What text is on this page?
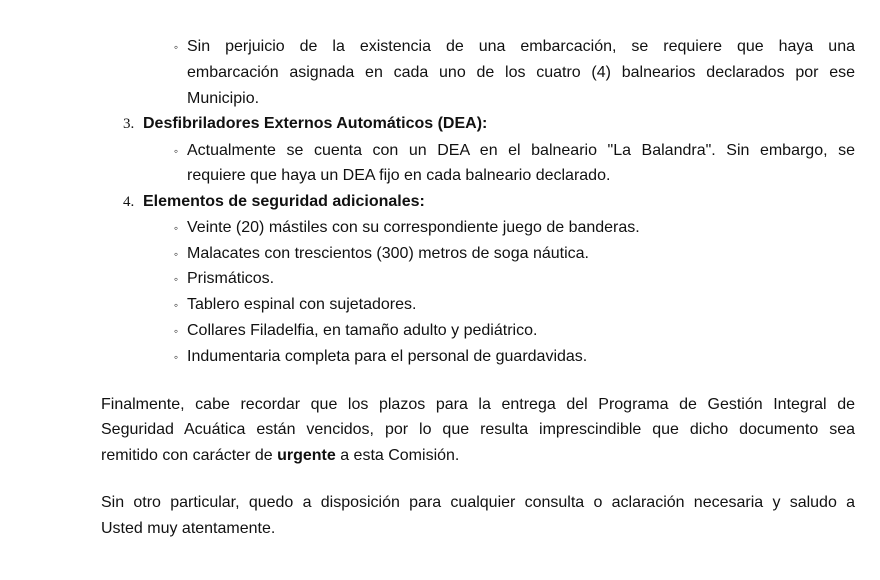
◦ Sin perjuicio de la existencia de una embarcación, se requiere que haya una
embarcación asignada en cada uno de los cuatro (4) balnearios declarados por ese
Municipio.
3. Desfibriladores Externos Automáticos (DEA):
◦ Actualmente se cuenta con un DEA en el balneario "La Balandra". Sin embargo, se
requiere que haya un DEA fijo en cada balneario declarado.
4. Elementos de seguridad adicionales:
◦ Veinte (20) mástiles con su correspondiente juego de banderas.
◦ Malacates con trescientos (300) metros de soga náutica.
◦ Prismáticos.
◦ Tablero espinal con sujetadores.
◦ Collares Filadelfia, en tamaño adulto y pediátrico.
◦ Indumentaria completa para el personal de guardavidas.
Finalmente, cabe recordar que los plazos para la entrega del Programa de Gestión Integral de
Seguridad Acuática están vencidos, por lo que resulta imprescindible que dicho documento sea
remitido con carácter de urgente a esta Comisión.
Sin otro particular, quedo a disposición para cualquier consulta o aclaración necesaria y saludo a
Usted muy atentamente.
